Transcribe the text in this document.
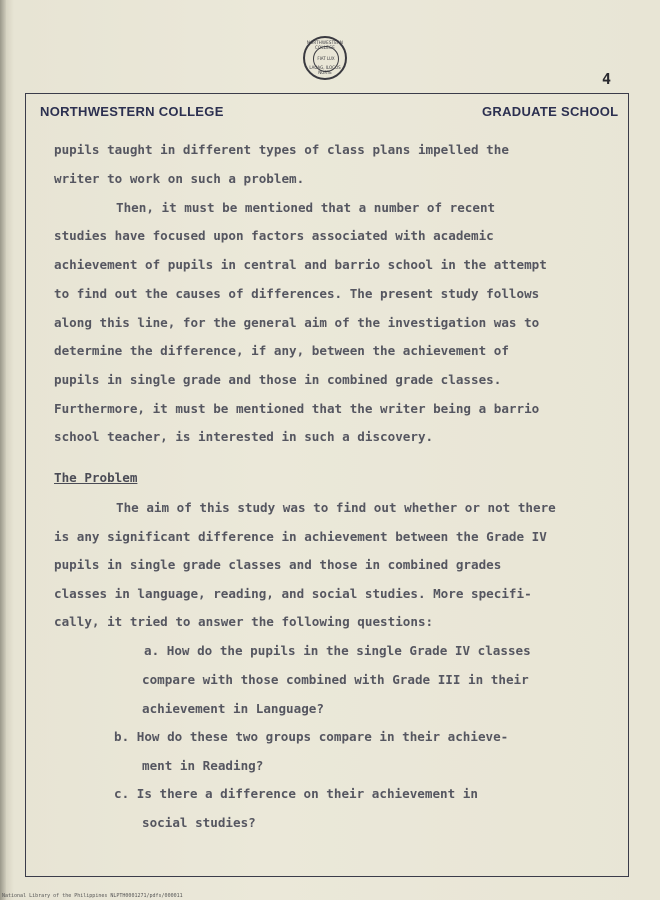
NORTHWESTERN COLLEGE
FIAT LUX
LAOAG, ILOCOS NORTE	4
NORTHWESTERN COLLEGE	GRADUATE SCHOOL
pupils taught in different types of class plans impelled the
writer to work on such a problem.
Then, it must be mentioned that a number of recent
studies have focused upon factors associated with academic
achievement of pupils in central and barrio school in the attempt
to find out the causes of differences. The present study follows
along this line, for the general aim of the investigation was to
determine the difference, if any, between the achievement of
pupils in single grade and those in combined grade classes.
Furthermore, it must be mentioned that the writer being a barrio
school teacher, is interested in such a discovery.
The Problem
The aim of this study was to find out whether or not there
is any significant difference in achievement between the Grade IV
pupils in single grade classes and those in combined grades
classes in language, reading, and social studies. More specifi-
cally, it tried to answer the following questions:
a. How do the pupils in the single Grade IV classes
compare with those combined with Grade III in their
achievement in Language?
b. How do these two groups compare in their achieve-
ment in Reading?
c. Is there a difference on their achievement in
social studies?
National Library of the Philippines NLPTH0001271/pdfs/000011
